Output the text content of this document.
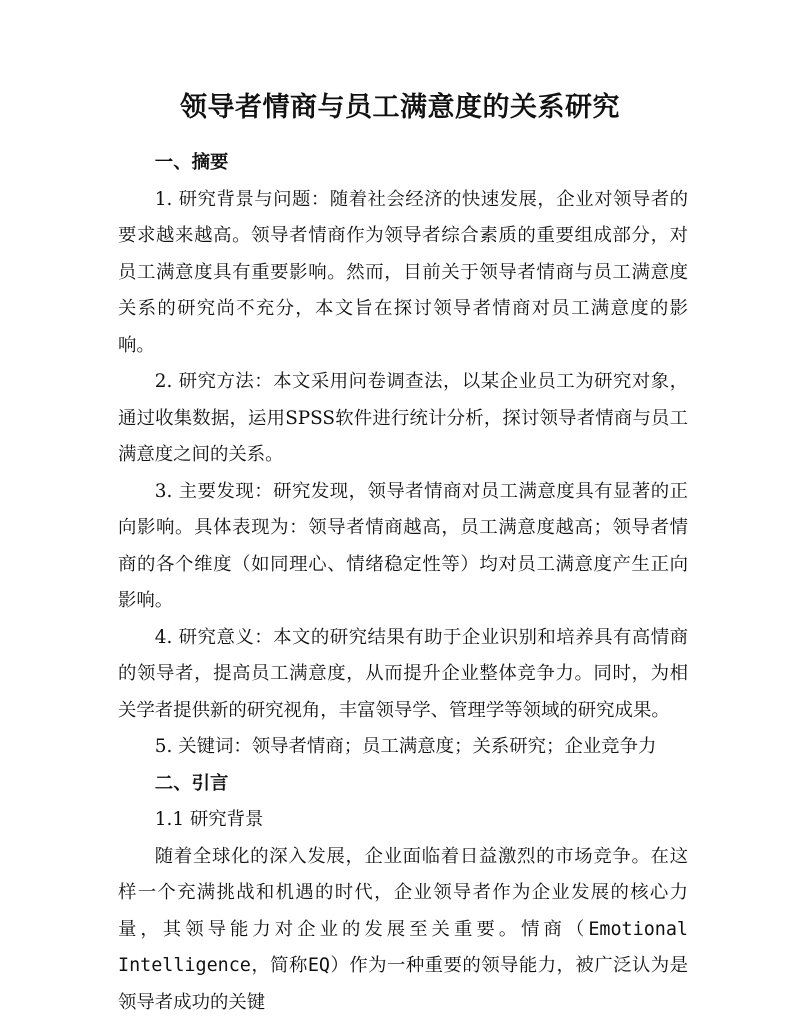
领导者情商与员工满意度的关系研究
一、摘要

1. 研究背景与问题：随着社会经济的快速发展，企业对领导者的要求越来越高。领导者情商作为领导者综合素质的重要组成部分，对员工满意度具有重要影响。然而，目前关于领导者情商与员工满意度关系的研究尚不充分，本文旨在探讨领导者情商对员工满意度的影响。

2. 研究方法：本文采用问卷调查法，以某企业员工为研究对象，通过收集数据，运用SPSS软件进行统计分析，探讨领导者情商与员工满意度之间的关系。

3. 主要发现：研究发现，领导者情商对员工满意度具有显著的正向影响。具体表现为：领导者情商越高，员工满意度越高；领导者情商的各个维度（如同理心、情绪稳定性等）均对员工满意度产生正向影响。

4. 研究意义：本文的研究结果有助于企业识别和培养具有高情商的领导者，提高员工满意度，从而提升企业整体竞争力。同时，为相关学者提供新的研究视角，丰富领导学、管理学等领域的研究成果。

5. 关键词：领导者情商；员工满意度；关系研究；企业竞争力

二、引言

1.1 研究背景

随着全球化的深入发展，企业面临着日益激烈的市场竞争。在这样一个充满挑战和机遇的时代，企业领导者作为企业发展的核心力量，其领导能力对企业的发展至关重要。情商（Emotional Intelligence，简称EQ）作为一种重要的领导能力，被广泛认为是领导者成功的关键
